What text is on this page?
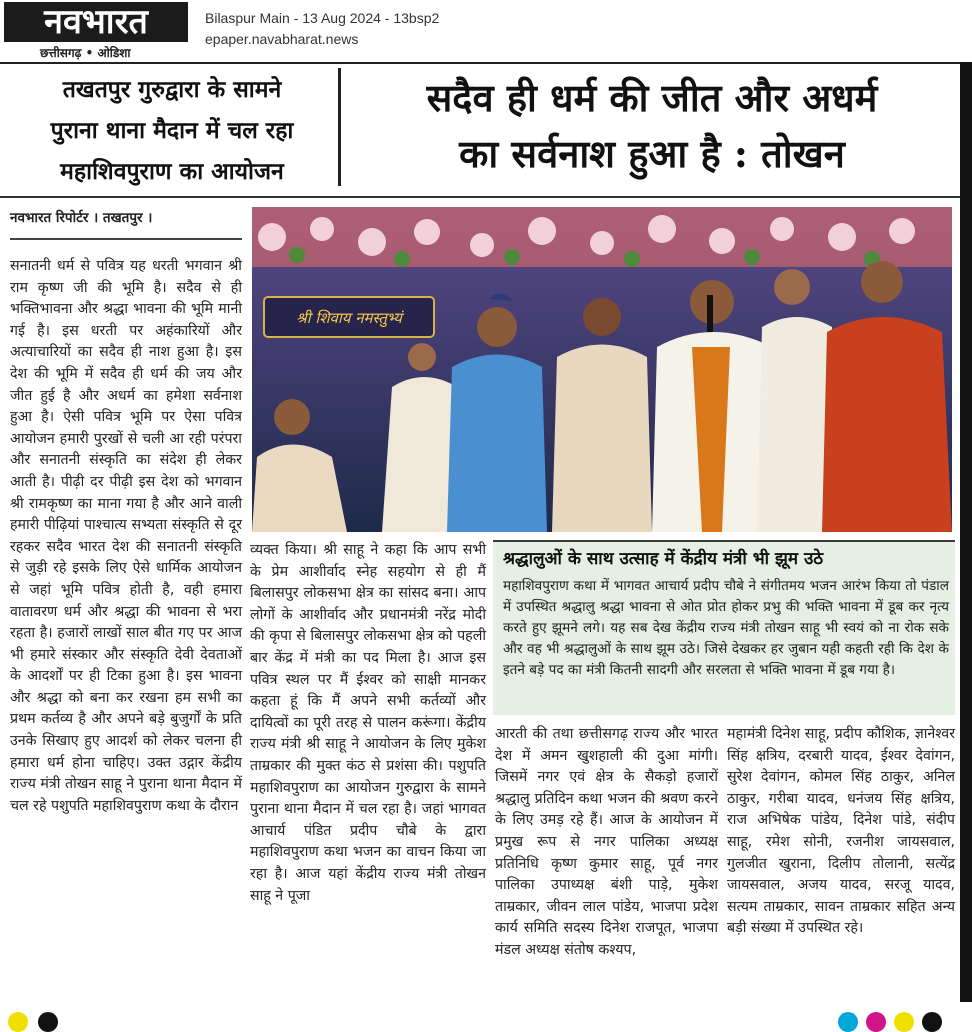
नवभारत
छत्तीसगढ़ • ओडिशा
Bilaspur Main - 13 Aug 2024 - 13bsp2
epaper.navabharat.news
तखतपुर गुरुद्वारा के सामने
पुराना थाना मैदान में चल रहा
महाशिवपुराण का आयोजन
सदैव ही धर्म की जीत और अधर्म
का सर्वनाश हुआ है : तोखन
नवभारत रिपोर्टर । तखतपुर ।
सनातनी धर्म से पवित्र यह धरती भगवान श्री राम कृष्ण जी की भूमि है। सदैव से ही भक्तिभावना और श्रद्धा भावना की भूमि मानी गई है। इस धरती पर अहंकारियों और अत्याचारियों का सदैव ही नाश हुआ है। इस देश की भूमि में सदैव ही धर्म की जय और जीत हुई है और अधर्म का हमेशा सर्वनाश हुआ है। ऐसी पवित्र भूमि पर ऐसा पवित्र आयोजन हमारी पुरखों से चली आ रही परंपरा और सनातनी संस्कृति का संदेश ही लेकर आती है। पीढ़ी दर पीढ़ी इस देश को भगवान श्री रामकृष्ण का माना गया है और आने वाली हमारी पीढ़ियां पाश्चात्य सभ्यता संस्कृति से दूर रहकर सदैव भारत देश की सनातनी संस्कृति से जुड़ी रहे इसके लिए ऐसे धार्मिक आयोजन से जहां भूमि पवित्र होती है, वही हमारा वातावरण धर्म और श्रद्धा की भावना से भरा रहता है। हजारों लाखों साल बीत गए पर आज भी हमारे संस्कार और संस्कृति देवी देवताओं के आदर्शों पर ही टिका हुआ है। इस भावना और श्रद्धा को बना कर रखना हम सभी का प्रथम कर्तव्य है और अपने बड़े बुजुर्गों के प्रति उनके सिखाए हुए आदर्श को लेकर चलना ही हमारा धर्म होना चाहिए। उक्त उद्गार केंद्रीय राज्य मंत्री तोखन साहू ने पुराना थाना मैदान में चल रहे पशुपति महाशिवपुराण कथा के दौरान
श्री शिवाय नमस्तुभ्यं
व्यक्त किया। श्री साहू ने कहा कि आप सभी के प्रेम आशीर्वाद स्नेह सहयोग से ही मैं बिलासपुर लोकसभा क्षेत्र का सांसद बना। आप लोगों के आशीर्वाद और प्रधानमंत्री नरेंद्र मोदी की कृपा से बिलासपुर लोकसभा क्षेत्र को पहली बार केंद्र में मंत्री का पद मिला है। आज इस पवित्र स्थल पर मैं ईश्वर को साक्षी मानकर कहता हूं कि मैं अपने सभी कर्तव्यों और दायित्वों का पूरी तरह से पालन करूंगा। केंद्रीय राज्य मंत्री श्री साहू ने आयोजन के लिए मुकेश ताम्रकार की मुक्त कंठ से प्रशंसा की। पशुपति महाशिवपुराण का आयोजन गुरुद्वारा के सामने पुराना थाना मैदान में चल रहा है। जहां भागवत आचार्य पंडित प्रदीप चौबे के द्वारा महाशिवपुराण कथा भजन का वाचन किया जा रहा है। आज यहां केंद्रीय राज्य मंत्री तोखन साहू ने पूजा
श्रद्धालुओं के साथ उत्साह में केंद्रीय मंत्री भी झूम उठे
महाशिवपुराण कथा में भागवत आचार्य प्रदीप चौबे ने संगीतमय भजन आरंभ किया तो पंडाल में उपस्थित श्रद्धालु श्रद्धा भावना से ओत प्रोत होकर प्रभु की भक्ति भावना में डूब कर नृत्य करते हुए झूमने लगे। यह सब देख केंद्रीय राज्य मंत्री तोखन साहू भी स्वयं को ना रोक सके और वह भी श्रद्धालुओं के साथ झूम उठे। जिसे देखकर हर जुबान यही कहती रही कि देश के इतने बड़े पद का मंत्री कितनी सादगी और सरलता से भक्ति भावना में डूब गया है।
आरती की तथा छत्तीसगढ़ राज्य और भारत देश में अमन खुशहाली की दुआ मांगी। जिसमें नगर एवं क्षेत्र के सैकड़ो हजारों श्रद्धालु प्रतिदिन कथा भजन की श्रवण करने के लिए उमड़ रहे हैं। आज के आयोजन में प्रमुख रूप से नगर पालिका अध्यक्ष प्रतिनिधि कृष्ण कुमार साहू, पूर्व नगर पालिका उपाध्यक्ष बंशी पाड़े, मुकेश ताम्रकार, जीवन लाल पांडेय, भाजपा प्रदेश कार्य समिति सदस्य दिनेश राजपूत, भाजपा मंडल अध्यक्ष संतोष कश्यप,
महामंत्री दिनेश साहू, प्रदीप कौशिक, ज्ञानेश्वर सिंह क्षत्रिय, दरबारी यादव, ईश्वर देवांगन, सुरेश देवांगन, कोमल सिंह ठाकुर, अनिल ठाकुर, गरीबा यादव, धनंजय सिंह क्षत्रिय, राज अभिषेक पांडेय, दिनेश पांडे, संदीप साहू, रमेश सोनी, रजनीश जायसवाल, गुलजीत खुराना, दिलीप तोलानी, सत्येंद्र जायसवाल, अजय यादव, सरजू यादव, सत्यम ताम्रकार, सावन ताम्रकार सहित अन्य बड़ी संख्या में उपस्थित रहे।
